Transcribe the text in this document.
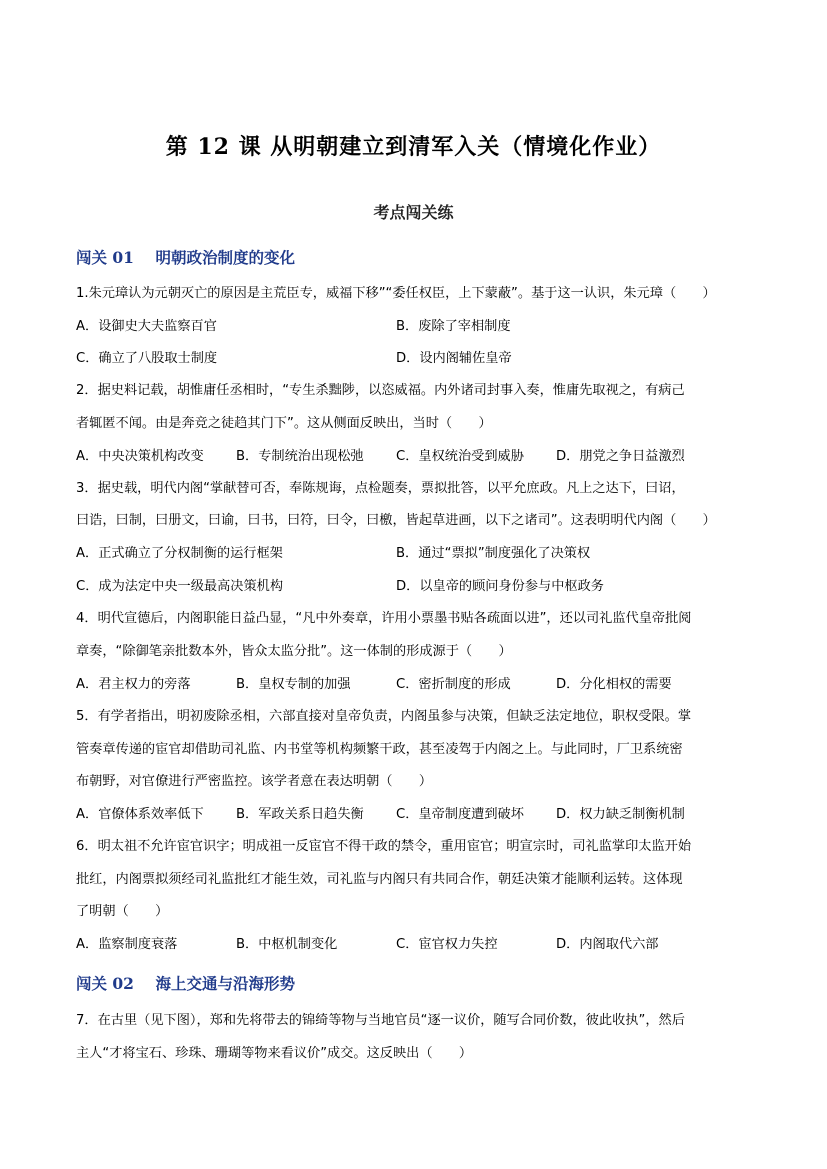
第 12 课 从明朝建立到清军入关（情境化作业）
考点闯关练
闯关 01    明朝政治制度的变化
1.朱元璋认为元朝灭亡的原因是主荒臣专，威福下移”“委任权臣，上下蒙蔽”。基于这一认识，朱元璋（　　）
A．设御史大夫监察百官	B．废除了宰相制度
C．确立了八股取士制度	D．设内阁辅佐皇帝
2．据史料记载，胡惟庸任丞相时，“专生杀黜陟，以恣威福。内外诸司封事入奏，惟庸先取视之，有病己
者辄匿不闻。由是奔竞之徒趋其门下”。这从侧面反映出，当时（　　）
A．中央决策机构改变 B．专制统治出现松弛 C．皇权统治受到威胁 D．朋党之争日益激烈
3．据史载，明代内阁“掌献替可否，奉陈规诲，点检题奏，票拟批答，以平允庶政。凡上之达下，曰诏，
曰诰，曰制，曰册文，曰谕，曰书，曰符，曰令，曰檄，皆起草进画，以下之诸司”。这表明明代内阁（　　）
A．正式确立了分权制衡的运行框架	B．通过“票拟”制度强化了决策权
C．成为法定中央一级最高决策机构	D．以皇帝的顾问身份参与中枢政务
4．明代宣德后，内阁职能日益凸显，“凡中外奏章，许用小票墨书贴各疏面以进”，还以司礼监代皇帝批阅
章奏，“除御笔亲批数本外，皆众太监分批”。这一体制的形成源于（　　）
A．君主权力的旁落	B．皇权专制的加强	C．密折制度的形成	D．分化相权的需要
5．有学者指出，明初废除丞相，六部直接对皇帝负责，内阁虽参与决策，但缺乏法定地位，职权受限。掌
管奏章传递的宦官却借助司礼监、内书堂等机构频繁干政，甚至凌驾于内阁之上。与此同时，厂卫系统密
布朝野，对官僚进行严密监控。该学者意在表达明朝（　　）
A．官僚体系效率低下 B．军政关系日趋失衡 C．皇帝制度遭到破坏 D．权力缺乏制衡机制
6．明太祖不允许宦官识字；明成祖一反宦官不得干政的禁令，重用宦官；明宣宗时，司礼监掌印太监开始
批红，内阁票拟须经司礼监批红才能生效，司礼监与内阁只有共同合作，朝廷决策才能顺利运转。这体现
了明朝（　　）
A．监察制度衰落	B．中枢机制变化	C．宦官权力失控	D．内阁取代六部
闯关 02    海上交通与沿海形势
7．在古里（见下图），郑和先将带去的锦绮等物与当地官员“逐一议价，随写合同价数，彼此收执”，然后
主人“才将宝石、珍珠、珊瑚等物来看议价”成交。这反映出（　　）
